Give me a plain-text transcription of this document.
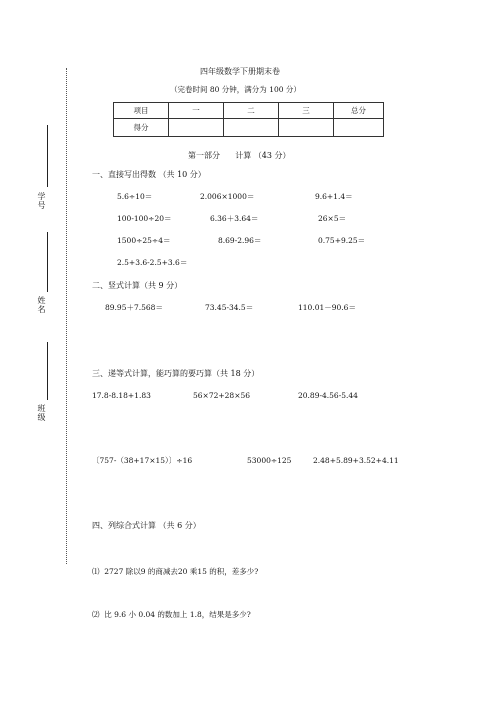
学号
姓名
班级
四年级数学下册期末卷
（完卷时间 80 分钟，满分为 100 分）
项目	一	二	三	总分
得分				
第一部分      计算 （43 分）
一、直接写出得数 （共 10 分）
5.6÷10＝	2.006×1000＝	9.6+1.4＝
100-100÷20＝	6.36＋3.64＝	26×5＝
1500÷25÷4＝	8.69-2.96＝	0.75+9.25＝
2.5+3.6-2.5+3.6＝
二、竖式计算（共 9 分）
89.95＋7.568＝	73.45-34.5＝	110.01－90.6＝
三、递等式计算，能巧算的要巧算（共 18 分）
17.8-8.18+1.83	56×72+28×56	20.89-4.56-5.44
〔757-（38+17×15）〕÷16	53000÷125	2.48+5.89+3.52+4.11
四、列综合式计算 （共 6 分）
⑴  2727 除以9 的商减去20 乘15 的积，差多少?
⑵  比 9.6 小 0.04 的数加上 1.8，结果是多少?
